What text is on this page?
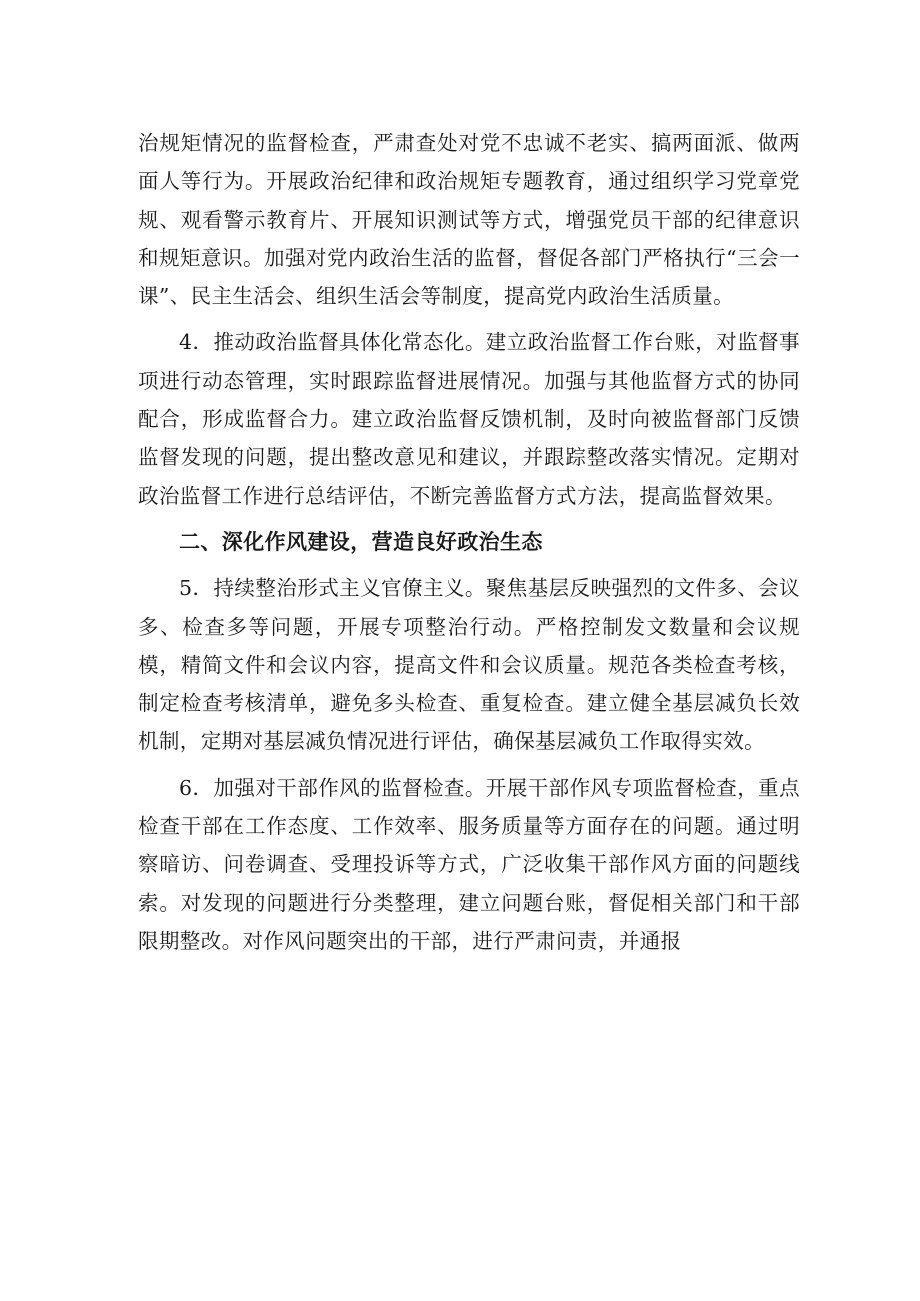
治规矩情况的监督检查，严肃查处对党不忠诚不老实、搞两面派、做两面人等行为。开展政治纪律和政治规矩专题教育，通过组织学习党章党规、观看警示教育片、开展知识测试等方式，增强党员干部的纪律意识和规矩意识。加强对党内政治生活的监督，督促各部门严格执行“三会一课”、民主生活会、组织生活会等制度，提高党内政治生活质量。

4．推动政治监督具体化常态化。建立政治监督工作台账，对监督事项进行动态管理，实时跟踪监督进展情况。加强与其他监督方式的协同配合，形成监督合力。建立政治监督反馈机制，及时向被监督部门反馈监督发现的问题，提出整改意见和建议，并跟踪整改落实情况。定期对政治监督工作进行总结评估，不断完善监督方式方法，提高监督效果。

二、深化作风建设，营造良好政治生态

5．持续整治形式主义官僚主义。聚焦基层反映强烈的文件多、会议多、检查多等问题，开展专项整治行动。严格控制发文数量和会议规模，精简文件和会议内容，提高文件和会议质量。规范各类检查考核，制定检查考核清单，避免多头检查、重复检查。建立健全基层减负长效机制，定期对基层减负情况进行评估，确保基层减负工作取得实效。

6．加强对干部作风的监督检查。开展干部作风专项监督检查，重点检查干部在工作态度、工作效率、服务质量等方面存在的问题。通过明察暗访、问卷调查、受理投诉等方式，广泛收集干部作风方面的问题线索。对发现的问题进行分类整理，建立问题台账，督促相关部门和干部限期整改。对作风问题突出的干部，进行严肃问责，并通报
